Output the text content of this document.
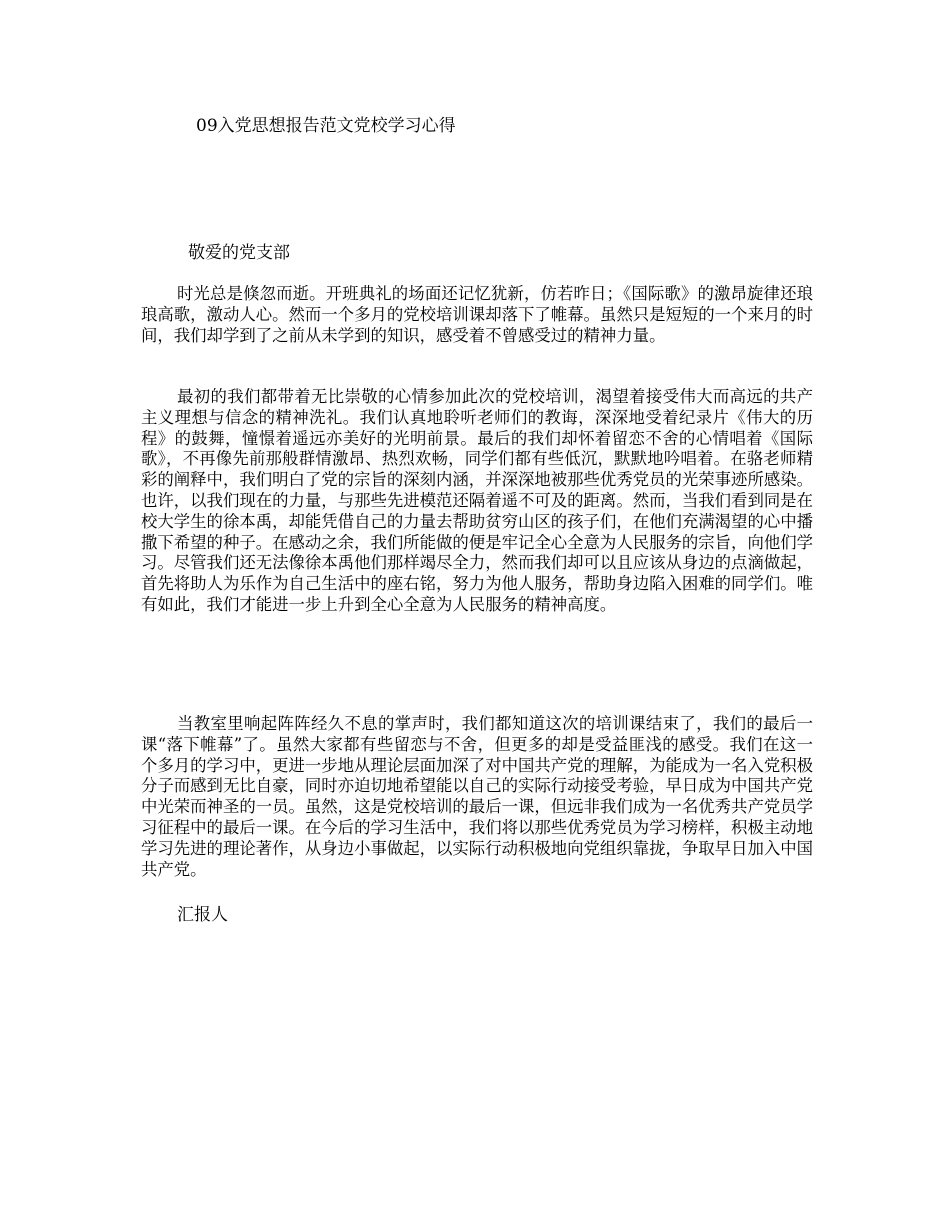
09入党思想报告范文党校学习心得
敬爱的党支部

时光总是倏忽而逝。开班典礼的场面还记忆犹新，仿若昨日；《国际歌》的激昂旋律还琅琅高歌，激动人心。然而一个多月的党校培训课却落下了帷幕。虽然只是短短的一个来月的时间，我们却学到了之前从未学到的知识，感受着不曾感受过的精神力量。

最初的我们都带着无比崇敬的心情参加此次的党校培训，渴望着接受伟大而高远的共产主义理想与信念的精神洗礼。我们认真地聆听老师们的教诲，深深地受着纪录片《伟大的历程》的鼓舞，憧憬着遥远亦美好的光明前景。最后的我们却怀着留恋不舍的心情唱着《国际歌》，不再像先前那般群情激昂、热烈欢畅，同学们都有些低沉，默默地吟唱着。在骆老师精彩的阐释中，我们明白了党的宗旨的深刻内涵，并深深地被那些优秀党员的光荣事迹所感染。也许，以我们现在的力量，与那些先进模范还隔着遥不可及的距离。然而，当我们看到同是在校大学生的徐本禹，却能凭借自己的力量去帮助贫穷山区的孩子们，在他们充满渴望的心中播撒下希望的种子。在感动之余，我们所能做的便是牢记全心全意为人民服务的宗旨，向他们学习。尽管我们还无法像徐本禹他们那样竭尽全力，然而我们却可以且应该从身边的点滴做起，首先将助人为乐作为自己生活中的座右铭，努力为他人服务，帮助身边陷入困难的同学们。唯有如此，我们才能进一步上升到全心全意为人民服务的精神高度。

当教室里响起阵阵经久不息的掌声时，我们都知道这次的培训课结束了，我们的最后一课“落下帷幕”了。虽然大家都有些留恋与不舍，但更多的却是受益匪浅的感受。我们在这一个多月的学习中，更进一步地从理论层面加深了对中国共产党的理解，为能成为一名入党积极分子而感到无比自豪，同时亦迫切地希望能以自己的实际行动接受考验，早日成为中国共产党中光荣而神圣的一员。虽然，这是党校培训的最后一课，但远非我们成为一名优秀共产党员学习征程中的最后一课。在今后的学习生活中，我们将以那些优秀党员为学习榜样，积极主动地学习先进的理论著作，从身边小事做起，以实际行动积极地向党组织靠拢，争取早日加入中国共产党。

汇报人
